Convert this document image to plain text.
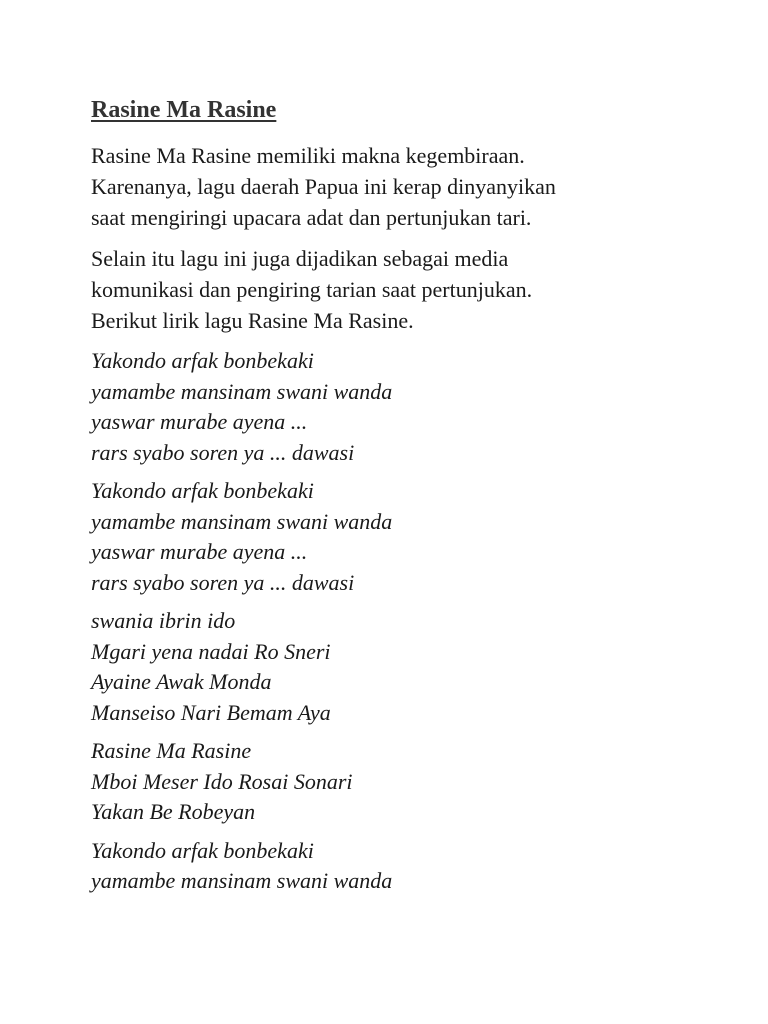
Rasine Ma Rasine
Rasine Ma Rasine memiliki makna kegembiraan.
Karenanya, lagu daerah Papua ini kerap dinyanyikan
saat mengiringi upacara adat dan pertunjukan tari.
Selain itu lagu ini juga dijadikan sebagai media
komunikasi dan pengiring tarian saat pertunjukan.
Berikut lirik lagu Rasine Ma Rasine.
Yakondo arfak bonbekaki
yamambe mansinam swani wanda
yaswar murabe ayena ...
rars syabo soren ya ... dawasi
Yakondo arfak bonbekaki
yamambe mansinam swani wanda
yaswar murabe ayena ...
rars syabo soren ya ... dawasi
swania ibrin ido
Mgari yena nadai Ro Sneri
Ayaine Awak Monda
Manseiso Nari Bemam Aya
Rasine Ma Rasine
Mboi Meser Ido Rosai Sonari
Yakan Be Robeyan
Yakondo arfak bonbekaki
yamambe mansinam swani wanda
